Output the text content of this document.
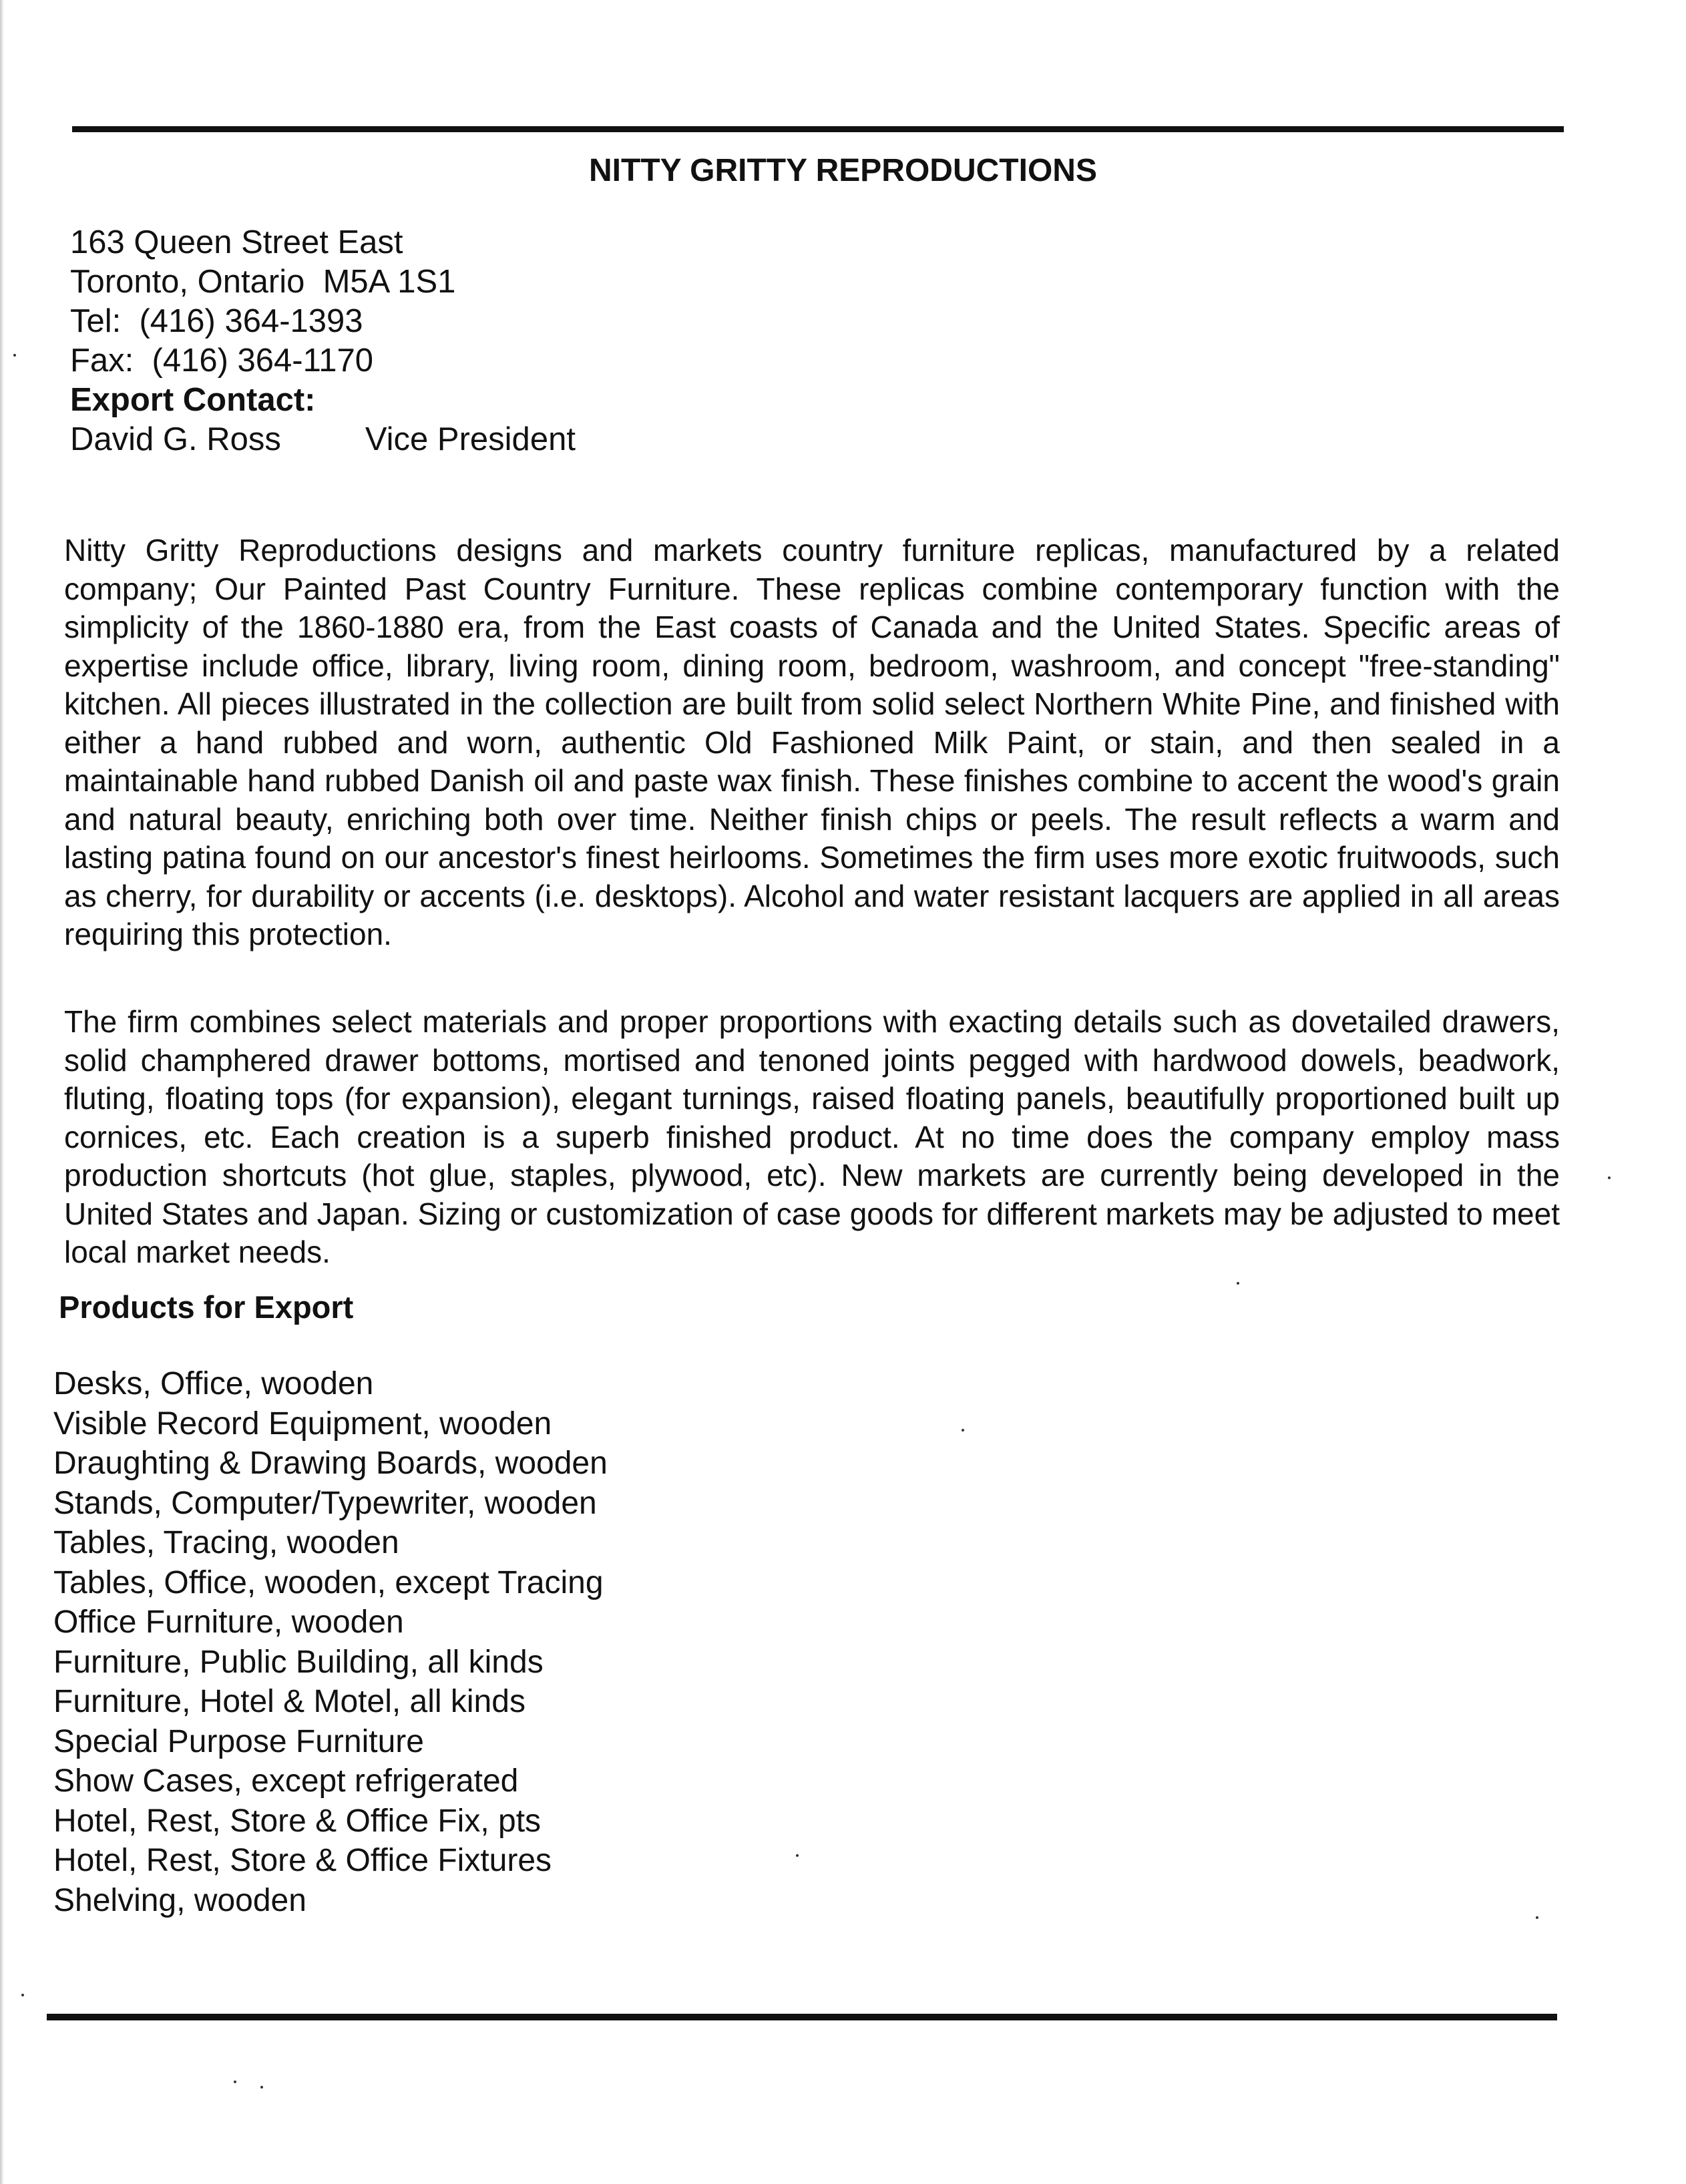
NITTY GRITTY REPRODUCTIONS
163 Queen Street East
Toronto, Ontario  M5A 1S1
Tel:  (416) 364-1393
Fax:  (416) 364-1170
Export Contact:
David G. Ross	Vice President

Nitty Gritty Reproductions designs and markets country furniture replicas, manufactured by a related company; Our Painted Past Country Furniture. These replicas combine contemporary function with the simplicity of the 1860-1880 era, from the East coasts of Canada and the United States. Specific areas of expertise include office, library, living room, dining room, bedroom, washroom, and concept "free-standing" kitchen. All pieces illustrated in the collection are built from solid select Northern White Pine, and finished with either a hand rubbed and worn, authentic Old Fashioned Milk Paint, or stain, and then sealed in a maintainable hand rubbed Danish oil and paste wax finish. These finishes combine to accent the wood's grain and natural beauty, enriching both over time. Neither finish chips or peels. The result reflects a warm and lasting patina found on our ancestor's finest heirlooms. Sometimes the firm uses more exotic fruitwoods, such as cherry, for durability or accents (i.e. desktops). Alcohol and water resistant lacquers are applied in all areas requiring this protection.

The firm combines select materials and proper proportions with exacting details such as dovetailed drawers, solid champhered drawer bottoms, mortised and tenoned joints pegged with hardwood dowels, beadwork, fluting, floating tops (for expansion), elegant turnings, raised floating panels, beautifully proportioned built up cornices, etc. Each creation is a superb finished product. At no time does the company employ mass production shortcuts (hot glue, staples, plywood, etc). New markets are currently being developed in the United States and Japan. Sizing or customization of case goods for different markets may be adjusted to meet local market needs.

Products for Export
Desks, Office, wooden
Visible Record Equipment, wooden
Draughting & Drawing Boards, wooden
Stands, Computer/Typewriter, wooden
Tables, Tracing, wooden
Tables, Office, wooden, except Tracing
Office Furniture, wooden
Furniture, Public Building, all kinds
Furniture, Hotel & Motel, all kinds
Special Purpose Furniture
Show Cases, except refrigerated
Hotel, Rest, Store & Office Fix, pts
Hotel, Rest, Store & Office Fixtures
Shelving, wooden
